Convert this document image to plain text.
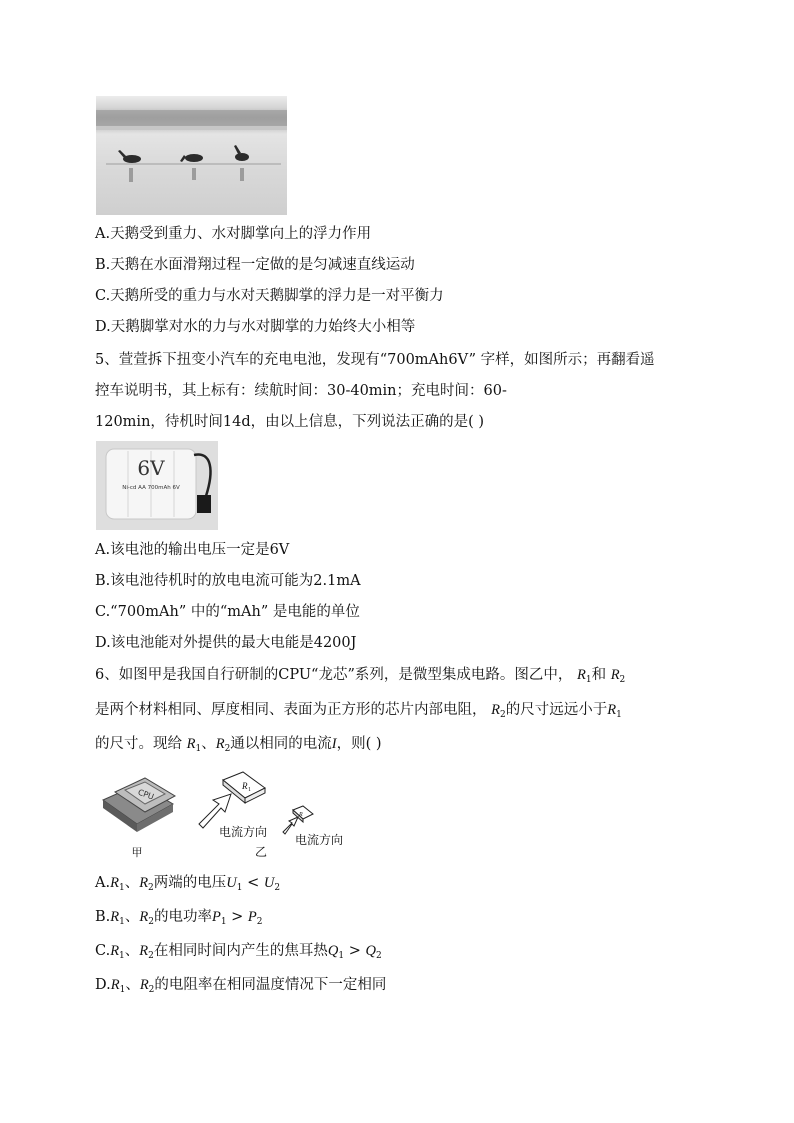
A.天鹅受到重力、水对脚掌向上的浮力作用
B.天鹅在水面滑翔过程一定做的是匀减速直线运动
C.天鹅所受的重力与水对天鹅脚掌的浮力是一对平衡力
D.天鹅脚掌对水的力与水对脚掌的力始终大小相等
5、萱萱拆下扭变小汽车的充电电池，发现有“700mAh6V” 字样，如图所示；再翻看遥
控车说明书，其上标有：续航时间：30-40min；充电时间：60-
120min，待机时间14d，由以上信息，下列说法正确的是( )
6V
Ni-cd AA 700mAh 6V
A.该电池的输出电压一定是6V
B.该电池待机时的放电电流可能为2.1mA
C.“700mAh” 中的“mAh” 是电能的单位
D.该电池能对外提供的最大电能是4200J
6、如图甲是我国自行研制的CPU“龙芯”系列，是微型集成电路。图乙中， $R_1$和 $R_2$
是两个材料相同、厚度相同、表面为正方形的芯片内部电阻， $R_2$的尺寸远远小于$R_1$
的尺寸。现给 $R_1$、$R_2$通以相同的电流I，则( )
CPU
甲
R 1
电流方向
乙
R
电流方向
$A.R_1$、$R_2$两端的电压$U_1 < U_2$
$B.R_1$、$R_2$的电功率$P_1 > P_2$
$C.R_1$、$R_2$在相同时间内产生的焦耳热$Q_1 > Q_2$
$D.R_1$、$R_2$的电阻率在相同温度情况下一定相同
